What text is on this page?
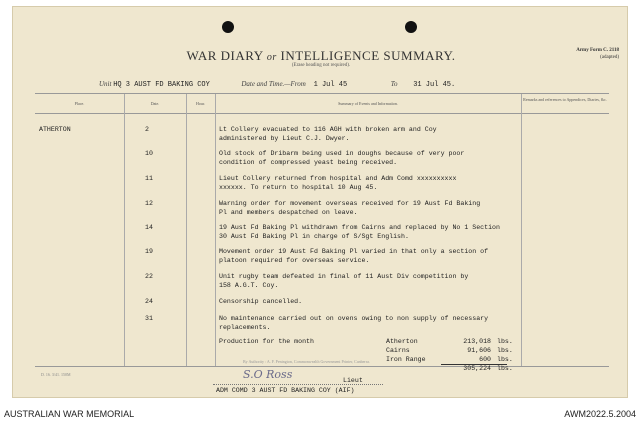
WAR DIARY or INTELLIGENCE SUMMARY.
(Erase heading not required).
Army Form C. 2118
(adapted)
Unit HQ 3 AUST FD BAKING COY	Date and Time.—From 1 Jul 45	To 31 Jul 45.
Place.	Date.	Hour.	Summary of Events and Information.
Remarks and references to Appendices, Diaries, &c.
ATHERTON	2	Lt Collery evacuated to 116 AGH with broken arm and Coy
administered by Lieut C.J. Dwyer.
10	Old stock of Dribarm being used in doughs because of very poor
condition of compressed yeast being received.
11	Lieut Collery returned from hospital and Adm Comd xxxxxxxxxx
xxxxxx. To return to hospital 10 Aug 45.
12	Warning order for movement overseas received for 19 Aust Fd Baking
Pl and members despatched on leave.
14	19 Aust Fd Baking Pl withdrawn from Cairns and replaced by No 1 Section
30 Aust Fd Baking Pl in charge of S/Sgt English.
19	Movement order 19 Aust Fd Baking Pl varied in that only a section of
platoon required for overseas service.
22	Unit rugby team defeated in final of 11 Aust Div competition by
158 A.G.T. Coy.
24	Censorship cancelled.
31	No maintenance carried out on ovens owing to non supply of necessary
replacements.
Production for the month	Atherton	213,018 lbs.
Cairns	91,606 lbs.
Iron Range	600 lbs.
305,224 lbs.
By Authority : A. F. Penington, Commonwealth Government Printer, Canberra.
D. 16. 3/41. 150M	S.O Ross	Lieut
ADM COMD 3 AUST FD BAKING COY (AIF)
AUSTRALIAN WAR MEMORIAL	AWM2022.5.2004
